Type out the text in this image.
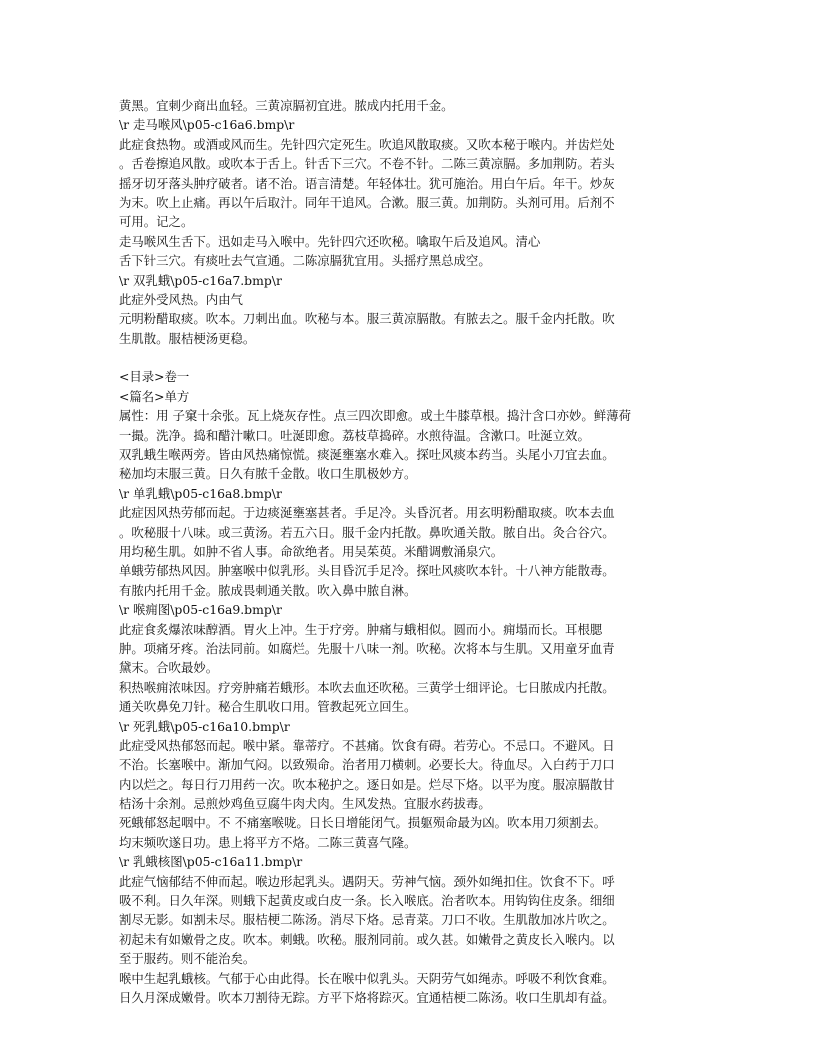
黄黑。宜刺少商出血轻。三黄凉膈初宜进。脓成内托用千金。
\r 走马喉风\p05-c16a6.bmp\r
此症食热物。或酒或风而生。先针四穴定死生。吹追风散取痰。又吹本秘于喉内。并齿烂处
。舌卷擦追风散。或吹本于舌上。针舌下三穴。不卷不针。二陈三黄凉膈。多加荆防。若头
摇牙切牙落头肿疗破者。诸不治。语言清楚。年轻体壮。犹可施治。用白午后。年干。炒灰
为末。吹上止痛。再以午后取汁。同年干追风。合漱。服三黄。加荆防。头剂可用。后剂不
可用。记之。
走马喉风生舌下。迅如走马入喉中。先针四穴还吹秘。噙取午后及追风。清心
舌下针三穴。有痰吐去气宣通。二陈凉膈犹宜用。头摇疗黑总成空。
\r 双乳蛾\p05-c16a7.bmp\r
此症外受风热。内由气
元明粉醋取痰。吹本。刀刺出血。吹秘与本。服三黄凉膈散。有脓去之。服千金内托散。吹
生肌散。服桔梗汤更稳。
<目录>卷一
<篇名>单方
属性：用 子窠十余张。瓦上烧灰存性。点三四次即愈。或土牛膝草根。捣汁含口亦妙。鲜薄荷
一撮。洗净。捣和醋汁嗽口。吐涎即愈。荔枝草捣碎。水煎待温。含漱口。吐涎立效。
双乳蛾生喉两旁。皆由风热痛惊慌。痰涎壅塞水难入。探吐风痰本药当。头尾小刀宜去血。
秘加均末服三黄。日久有脓千金散。收口生肌极妙方。
\r 单乳蛾\p05-c16a8.bmp\r
此症因风热劳郁而起。于边痰涎壅塞甚者。手足冷。头昏沉者。用玄明粉醋取痰。吹本去血
。吹秘服十八味。或三黄汤。若五六日。服千金内托散。鼻吹通关散。脓自出。灸合谷穴。
用均秘生肌。如肿不省人事。命欲绝者。用吴茱萸。米醋调敷涌泉穴。
单蛾劳郁热风因。肿塞喉中似乳形。头目昏沉手足冷。探吐风痰吹本针。十八神方能散毒。
有脓内托用千金。脓成畏刺通关散。吹入鼻中脓自淋。
\r 喉痈图\p05-c16a9.bmp\r
此症食炙爆浓味醇酒。胃火上冲。生于疗旁。肿痛与蛾相似。圆而小。痈塌而长。耳根腮
肿。项痛牙疼。治法同前。如腐烂。先服十八味一剂。吹秘。次将本与生肌。又用童牙血青
黛末。合吹最妙。
积热喉痈浓味因。疗旁肿痛若蛾形。本吹去血还吹秘。三黄学士细评论。七日脓成内托散。
通关吹鼻免刀针。秘合生肌收口用。管教起死立回生。
\r 死乳蛾\p05-c16a10.bmp\r
此症受风热郁怒而起。喉中紧。靠蒂疗。不甚痛。饮食有碍。若劳心。不忌口。不避风。日
不治。长塞喉中。渐加气闷。以致殒命。治者用刀横刺。必要长大。待血尽。入白药于刀口
内以烂之。每日行刀用药一次。吹本秘护之。逐日如是。烂尽下烙。以平为度。服凉膈散甘
桔汤十余剂。忌煎炒鸡鱼豆腐牛肉犬肉。生风发热。宜服水药拔毒。
死蛾郁怒起咽中。不 不痛塞喉咙。日长日增能闭气。损躯殒命最为凶。吹本用刀须割去。
均末频吹遂日功。患上将平方不烙。二陈三黄喜气隆。
\r 乳蛾核图\p05-c16a11.bmp\r
此症气恼郁结不伸而起。喉边形起乳头。遇阴天。劳神气恼。颈外如绳扣住。饮食不下。呼
吸不利。日久年深。则蛾下起黄皮或白皮一条。长入喉底。治者吹本。用钩钩住皮条。细细
割尽无影。如割未尽。服桔梗二陈汤。消尽下烙。忌青菜。刀口不收。生肌散加冰片吹之。
初起未有如嫩骨之皮。吹本。刺蛾。吹秘。服剂同前。或久甚。如嫩骨之黄皮长入喉内。以
至于服药。则不能治矣。
喉中生起乳蛾核。气郁于心由此得。长在喉中似乳头。天阴劳气如绳赤。呼吸不利饮食难。
日久月深成嫩骨。吹本刀割待无踪。方平下烙将踪灭。宜通桔梗二陈汤。收口生肌却有益。
